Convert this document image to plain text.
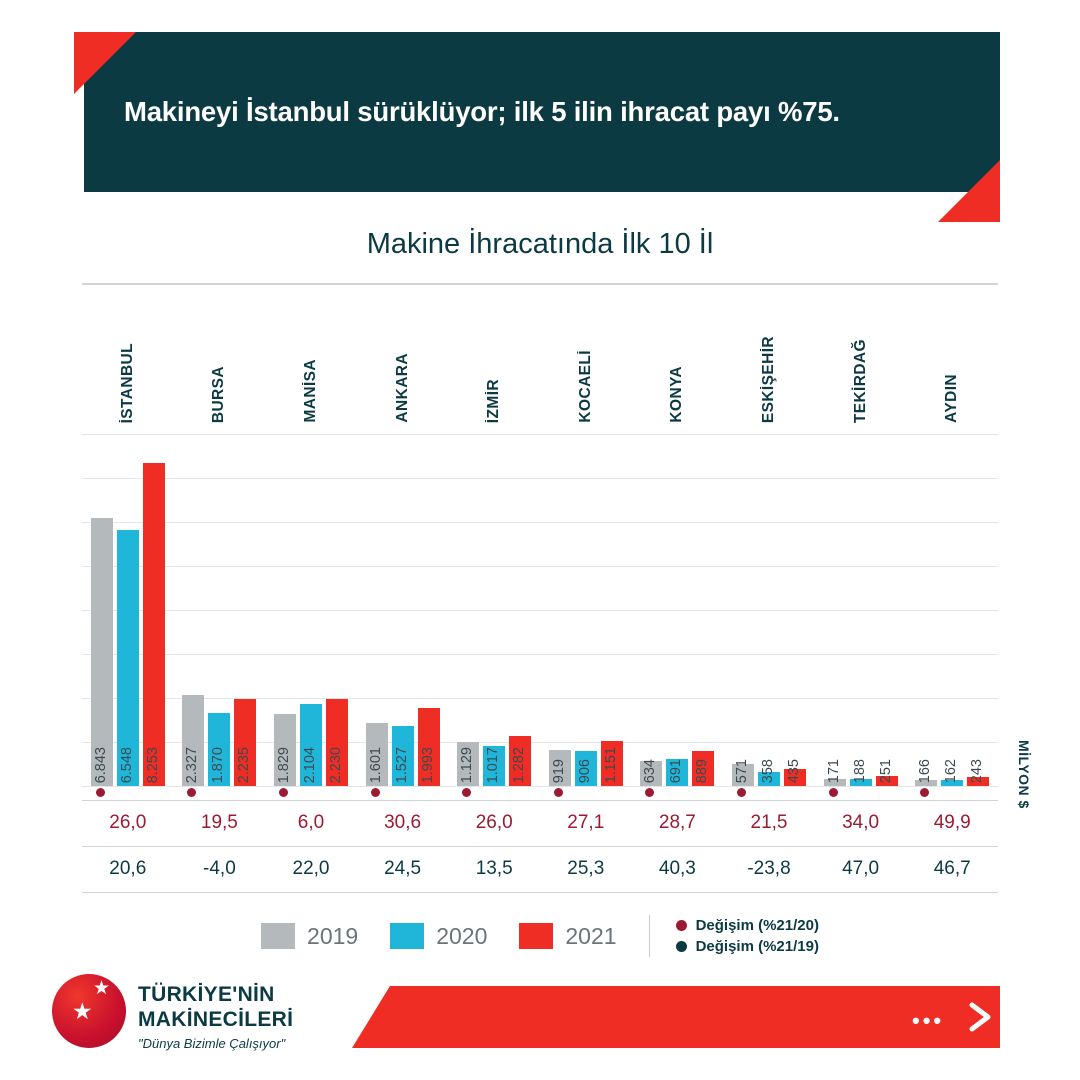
Makineyi İstanbul sürüklüyor; ilk 5 ilin ihracat payı %75.
Makine İhracatında İlk 10 İl
İSTANBUL	BURSA	MANİSA	ANKARA	İZMİR	KOCAELİ	KONYA	ESKİŞEHİR	TEKİRDAĞ	AYDIN
6.843 6.548 8.253 2.327 1.870 2.235 1.829 2.104 2.230 1.601 1.527 1.993 1.129 1.017 1.282 919 906 1.151 634 691 889 571 358 435 171 188 251 166 162 243
26,0	19,5	6,0	30,6	26,0	27,1	28,7	21,5	34,0	49,9
20,6	-4,0	22,0	24,5	13,5	25,3	40,3	-23,8	47,0	46,7
MİLYON $
2019	2020	2021	Değişim (%21/20)
Değişim (%21/19)
•••
★
★
TÜRKİYE'NİN
MAKİNECİLERİ
"Dünya Bizimle Çalışıyor"
